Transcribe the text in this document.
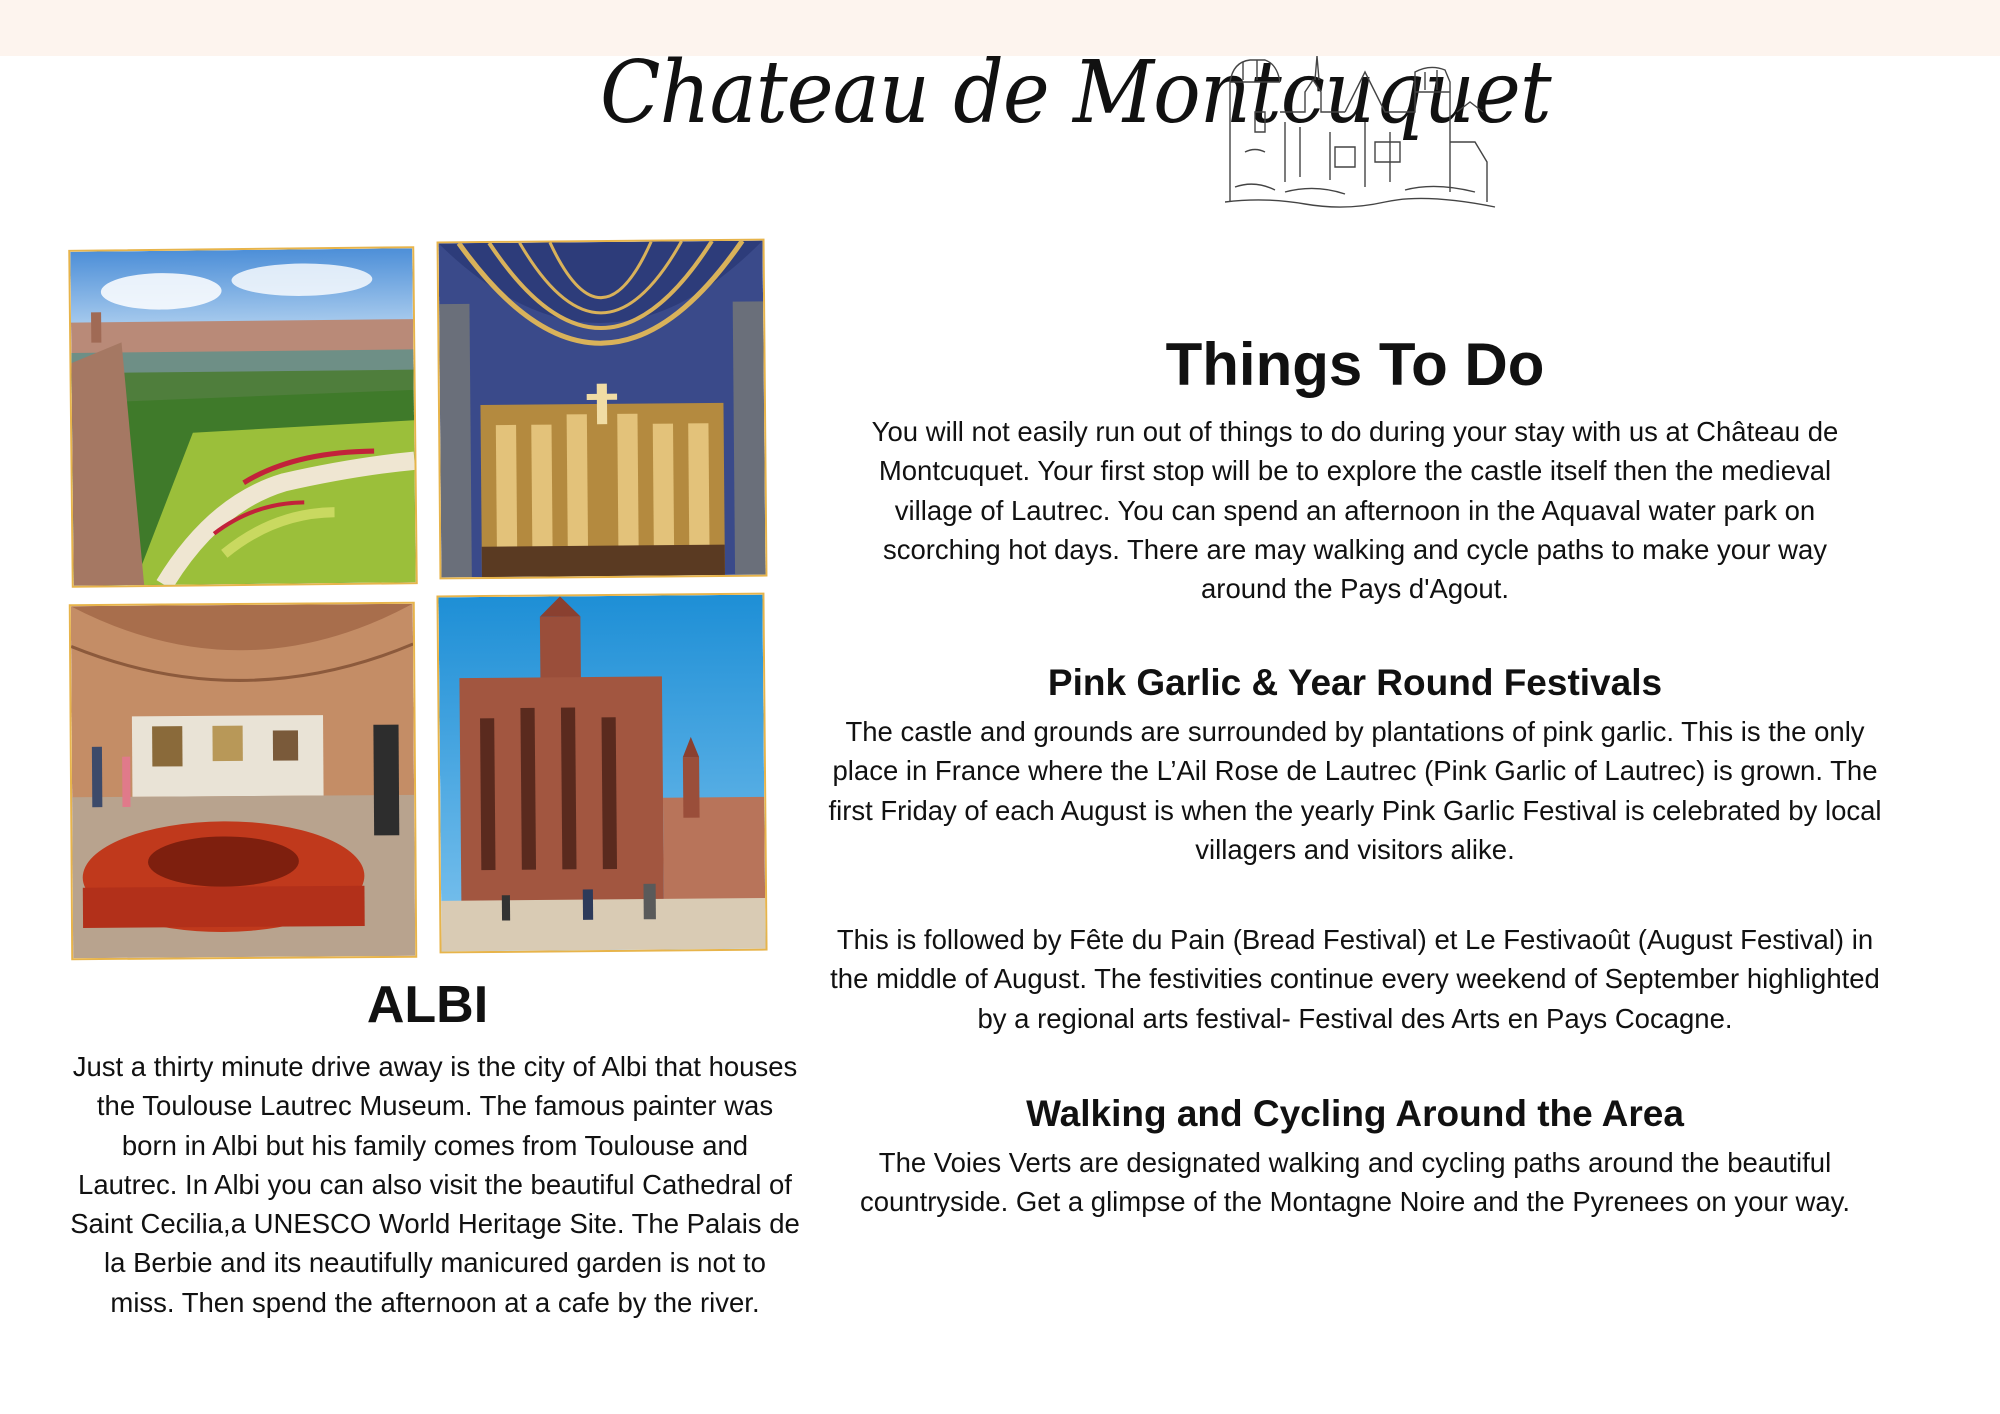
Chateau de Montcuquet
ALBI

Just a thirty minute drive away is the city of Albi that houses the Toulouse Lautrec Museum. The famous painter was born in Albi but his family comes from Toulouse and Lautrec. In Albi you can also visit the beautiful Cathedral of Saint Cecilia,a UNESCO World Heritage Site. The Palais de la Berbie and its neautifully manicured garden is not to miss. Then spend the afternoon at a cafe by the river.

Things To Do

You will not easily run out of things to do during your stay with us at Château de Montcuquet. Your first stop will be to explore the castle itself then the medieval village of Lautrec. You can spend an afternoon in the Aquaval water park on scorching hot days. There are may walking and cycle paths to make your way around the Pays d'Agout.

Pink Garlic & Year Round Festivals

The castle and grounds are surrounded by plantations of pink garlic. This is the only place in France where the L’Ail Rose de Lautrec (Pink Garlic of Lautrec) is grown. The first Friday of each August is when the yearly Pink Garlic Festival is celebrated by local villagers and visitors alike.

This is followed by Fête du Pain (Bread Festival) et Le Festivaoût (August Festival) in the middle of August. The festivities continue every weekend of September highlighted by a regional arts festival- Festival des Arts en Pays Cocagne.

Walking and Cycling Around the Area

The Voies Verts are designated walking and cycling paths around the beautiful countryside. Get a glimpse of the Montagne Noire and the Pyrenees on your way.
